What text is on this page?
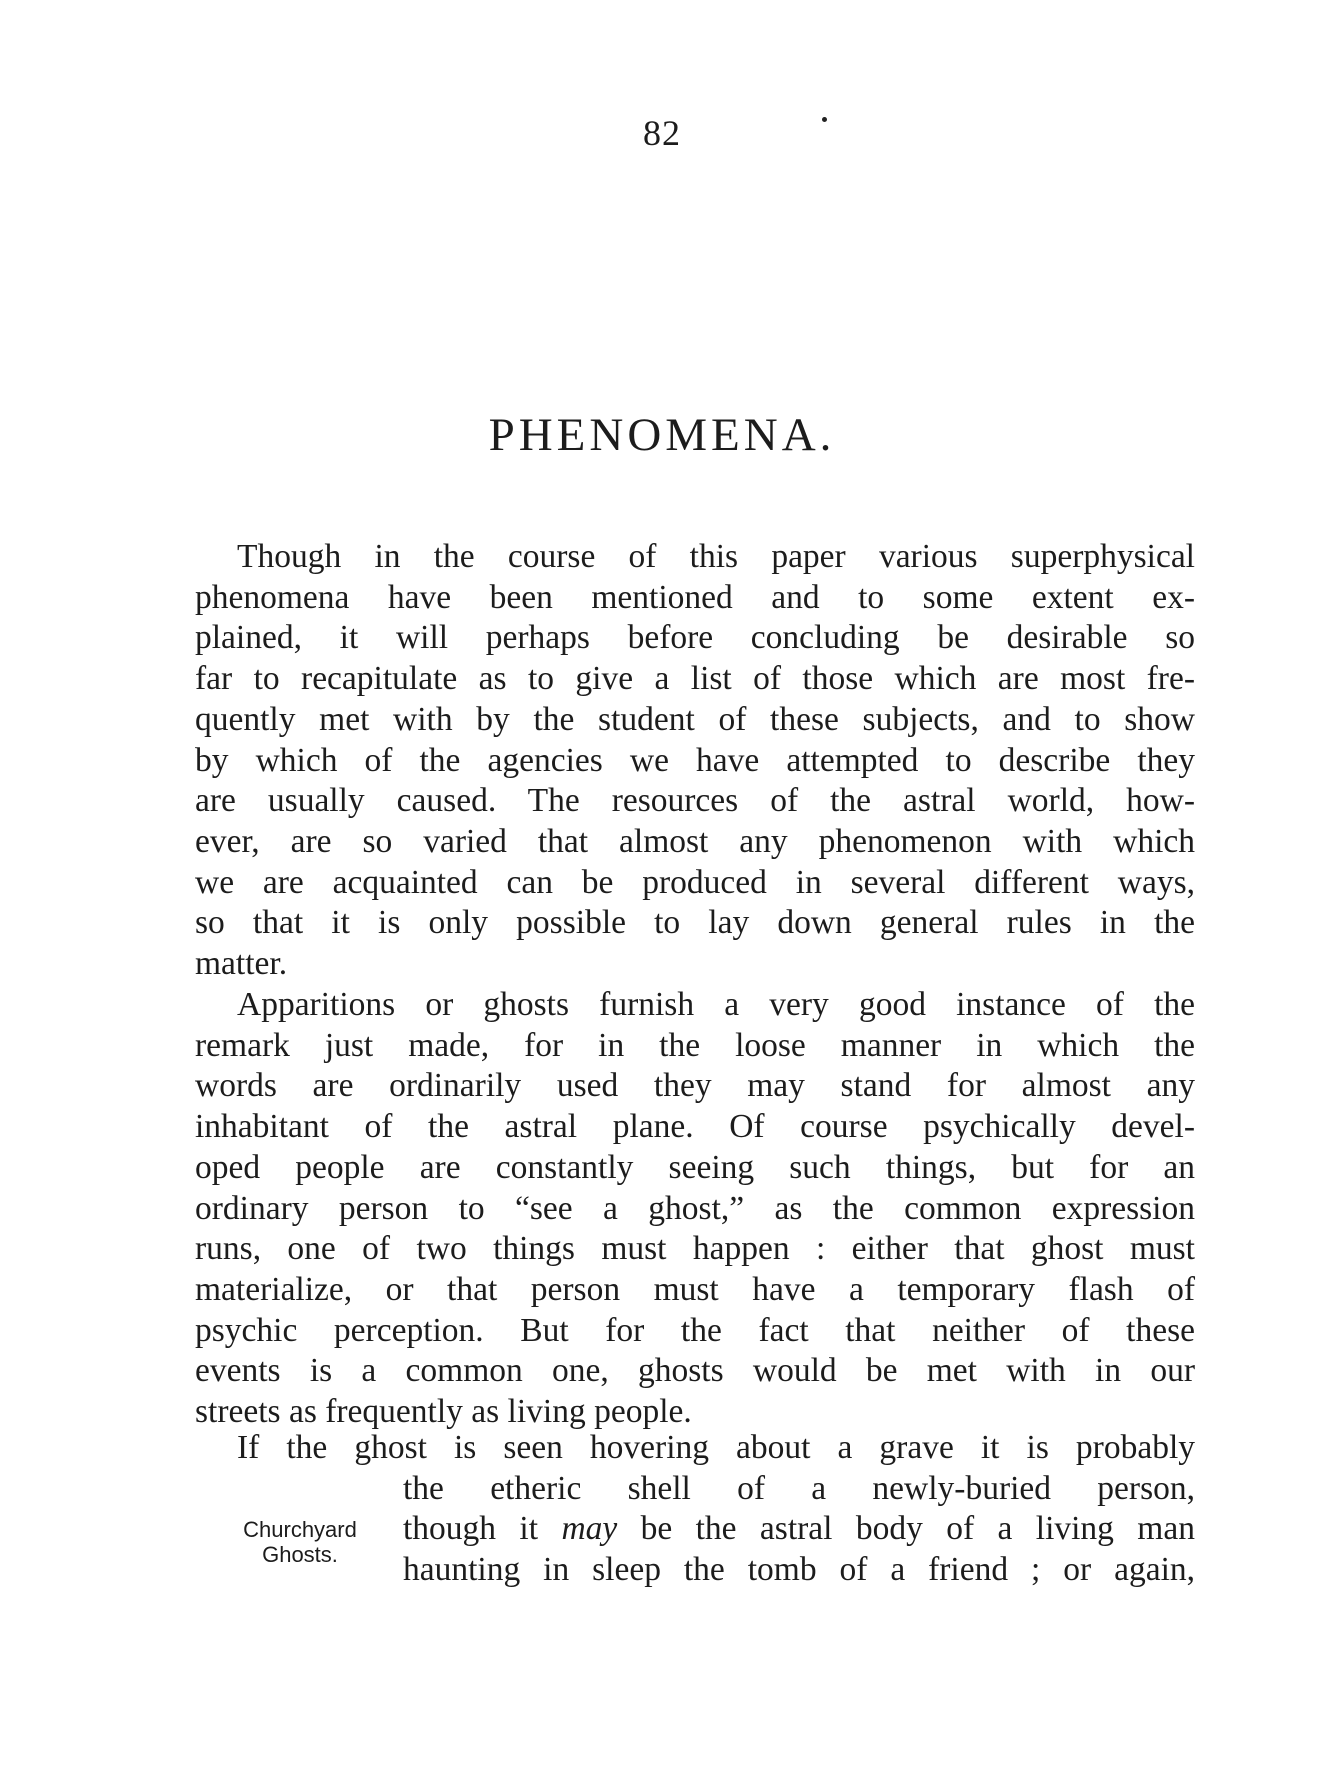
82
PHENOMENA.
Though in the course of this paper various superphysical
phenomena have been mentioned and to some extent ex-
plained, it will perhaps before concluding be desirable so
far to recapitulate as to give a list of those which are most fre-
quently met with by the student of these subjects, and to show
by which of the agencies we have attempted to describe they
are usually caused. The resources of the astral world, how-
ever, are so varied that almost any phenomenon with which
we are acquainted can be produced in several different ways,
so that it is only possible to lay down general rules in the
matter.
Apparitions or ghosts furnish a very good instance of the
remark just made, for in the loose manner in which the
words are ordinarily used they may stand for almost any
inhabitant of the astral plane. Of course psychically devel-
oped people are constantly seeing such things, but for an
ordinary person to “see a ghost,” as the common expression
runs, one of two things must happen : either that ghost must
materialize, or that person must have a temporary flash of
psychic perception. But for the fact that neither of these
events is a common one, ghosts would be met with in our
streets as frequently as living people.
If the ghost is seen hovering about a grave it is probably
the etheric shell of a newly-buried person,
though it may be the astral body of a living man
haunting in sleep the tomb of a friend ; or again,
Churchyard
Ghosts.
